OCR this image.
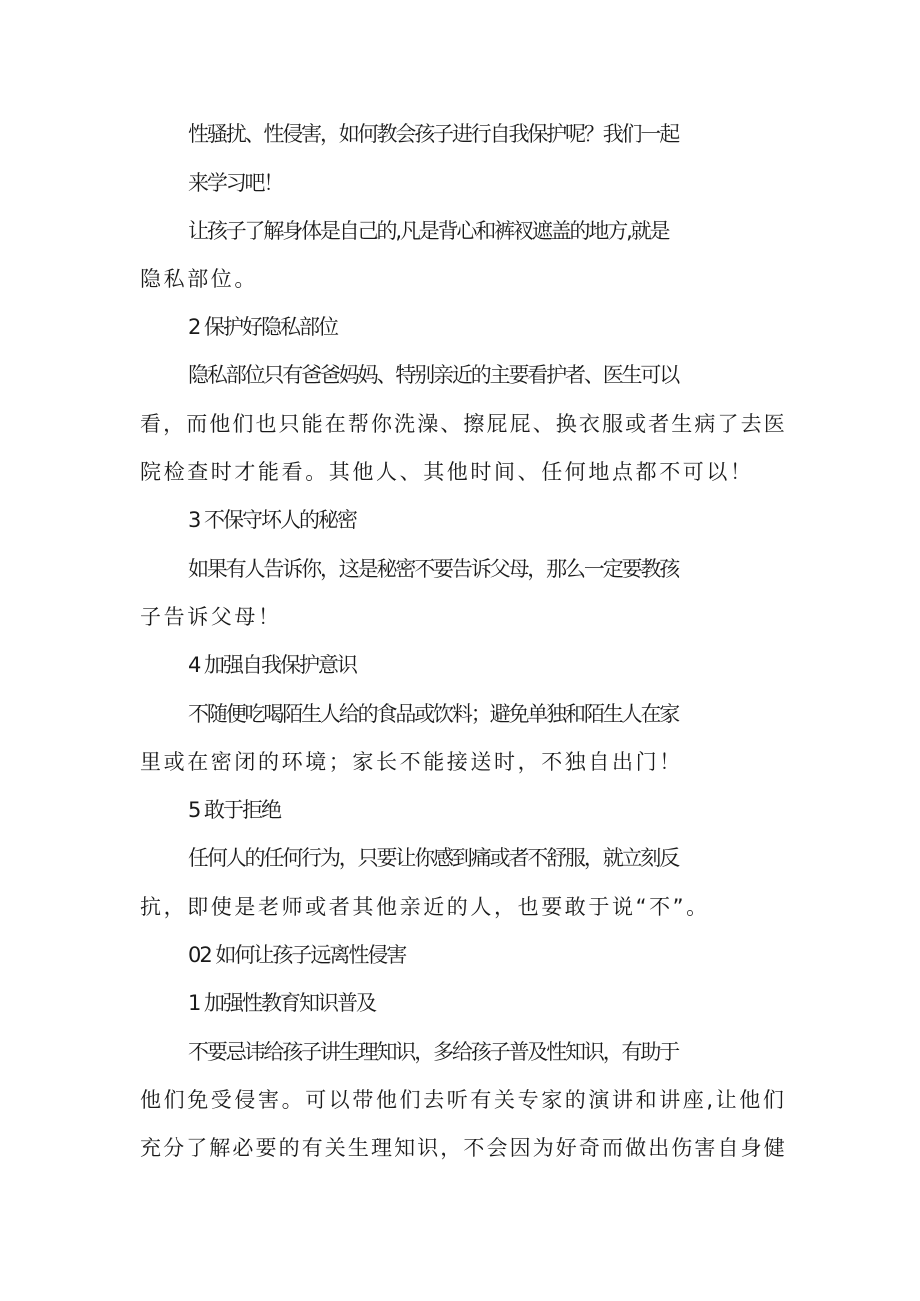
性骚扰、性侵害，如何教会孩子进行自我保护呢？我们一起
来学习吧！
让孩子了解身体是自己的,凡是背心和裤衩遮盖的地方,就是
隐私部位。
2 保护好隐私部位
隐私部位只有爸爸妈妈、特别亲近的主要看护者、医生可以
看，而他们也只能在帮你洗澡、擦屁屁、换衣服或者生病了去医
院检查时才能看。其他人、其他时间、任何地点都不可以！
3 不保守坏人的秘密
如果有人告诉你，这是秘密不要告诉父母，那么一定要教孩
子告诉父母！
4 加强自我保护意识
不随便吃喝陌生人给的食品或饮料；避免单独和陌生人在家
里或在密闭的环境；家长不能接送时，不独自出门！
5 敢于拒绝
任何人的任何行为，只要让你感到痛或者不舒服，就立刻反
抗，即使是老师或者其他亲近的人，也要敢于说“不”。
02 如何让孩子远离性侵害
1 加强性教育知识普及
不要忌讳给孩子讲生理知识，多给孩子普及性知识，有助于
他们免受侵害。可以带他们去听有关专家的演讲和讲座,让他们
充分了解必要的有关生理知识，不会因为好奇而做出伤害自身健
